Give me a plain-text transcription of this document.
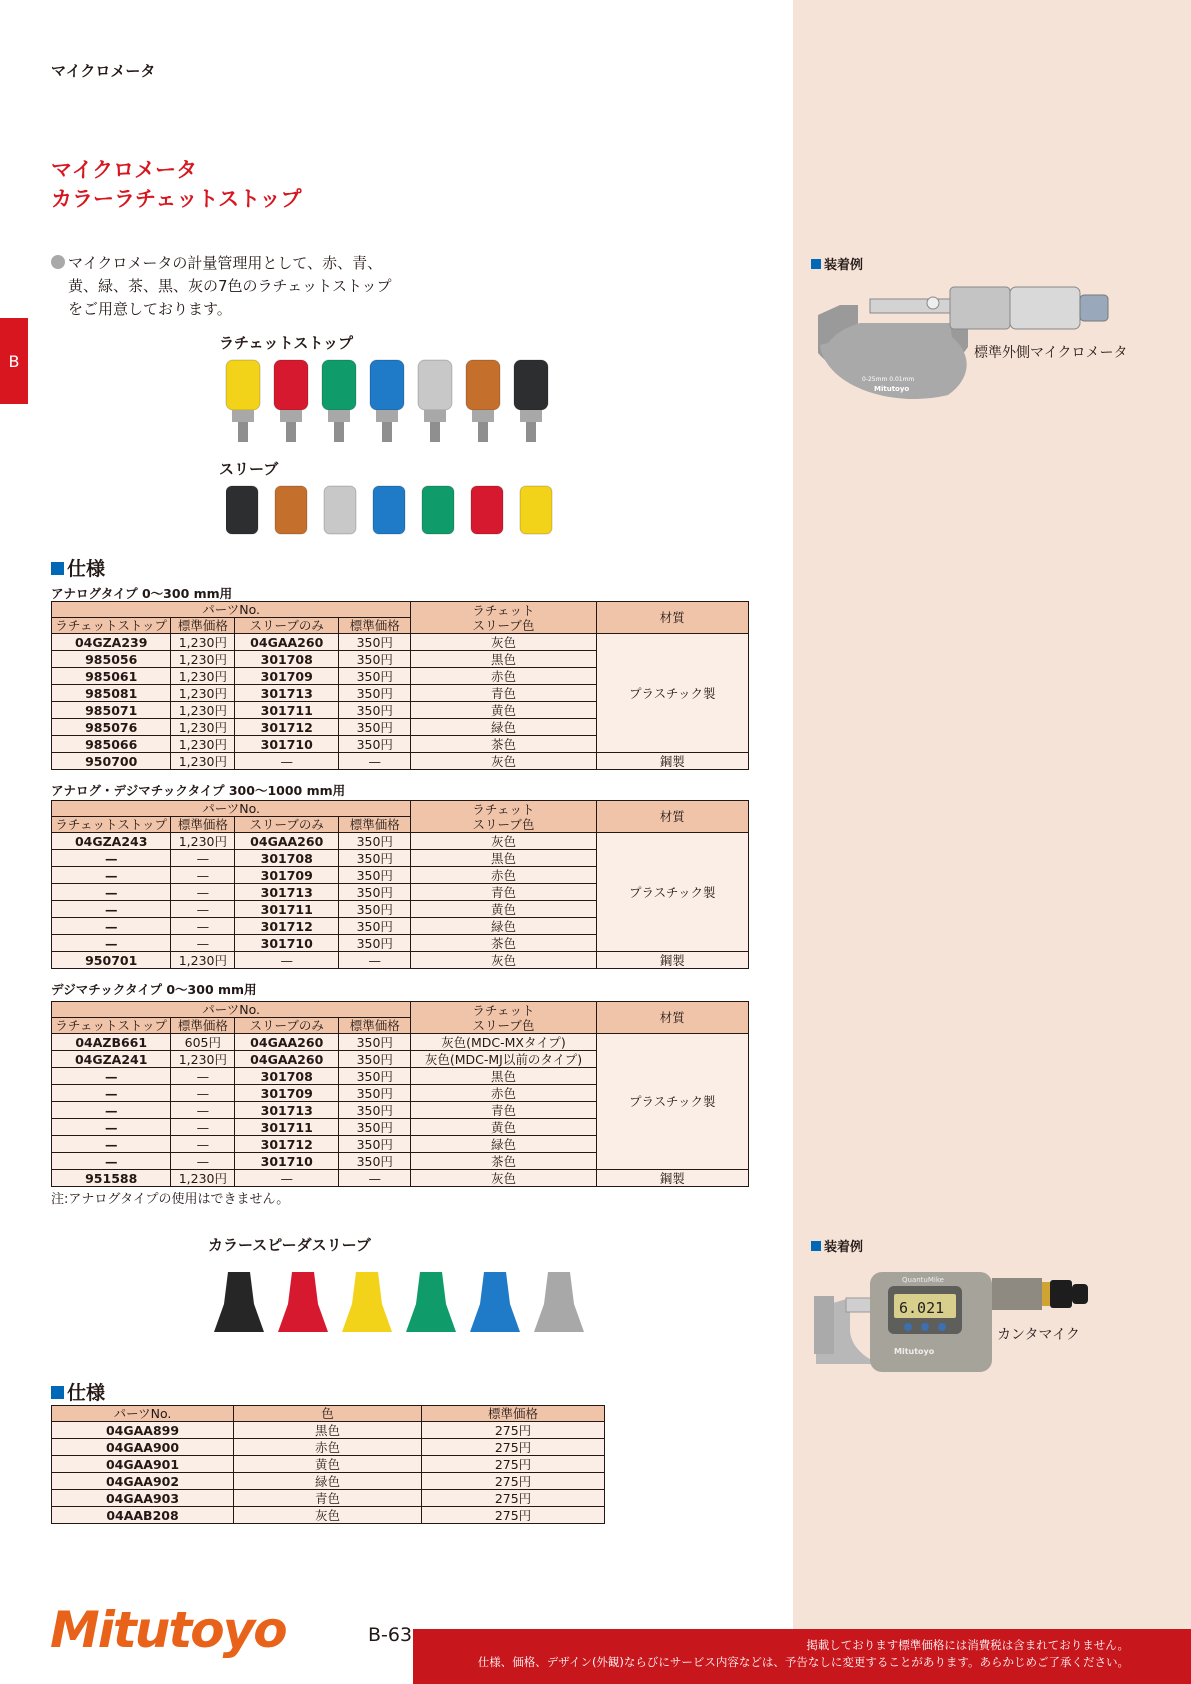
マイクロメータ
B
マイクロメータ
カラーラチェットストップ
マイクロメータの計量管理用として、赤、青、
黄、緑、茶、黒、灰の7色のラチェットストップ
をご用意しております。
ラチェットストップ
スリーブ
仕様
アナログタイプ 0〜300 mm用
パーツNo.				ラチェット
スリーブ色	材質
ラチェットストップ	標準価格	スリーブのみ	標準価格		
04GZA239	1,230円	04GAA260	350円	灰色	プラスチック製
985056	1,230円	301708	350円	黒色	
985061	1,230円	301709	350円	赤色	
985081	1,230円	301713	350円	青色	
985071	1,230円	301711	350円	黄色	
985076	1,230円	301712	350円	緑色	
985066	1,230円	301710	350円	茶色	
950700	1,230円	—	—	灰色	鋼製
アナログ・デジマチックタイプ 300〜1000 mm用
パーツNo.				ラチェット
スリーブ色	材質
ラチェットストップ	標準価格	スリーブのみ	標準価格		
04GZA243	1,230円	04GAA260	350円	灰色	プラスチック製
—	—	301708	350円	黒色	
—	—	301709	350円	赤色	
—	—	301713	350円	青色	
—	—	301711	350円	黄色	
—	—	301712	350円	緑色	
—	—	301710	350円	茶色	
950701	1,230円	—	—	灰色	鋼製
デジマチックタイプ 0〜300 mm用
パーツNo.				ラチェット
スリーブ色	材質
ラチェットストップ	標準価格	スリーブのみ	標準価格		
04AZB661	605円	04GAA260	350円	灰色(MDC-MXタイプ)	プラスチック製
04GZA241	1,230円	04GAA260	350円	灰色(MDC-MJ以前のタイプ)	
—	—	301708	350円	黒色	
—	—	301709	350円	赤色	
—	—	301713	350円	青色	
—	—	301711	350円	黄色	
—	—	301712	350円	緑色	
—	—	301710	350円	茶色	
951588	1,230円	—	—	灰色	鋼製
注:アナログタイプの使用はできません。
カラースピーダスリーブ
仕様
パーツNo.	色	標準価格
04GAA899	黒色	275円
04GAA900	赤色	275円
04GAA901	黄色	275円
04GAA902	緑色	275円
04GAA903	青色	275円
04AAB208	灰色	275円
装着例
0-25mm 0.01mm
Mitutoyo
標準外側マイクロメータ
装着例
6.021
QuantuMike
Mitutoyo
カンタマイク
Mitutoyo	B-63	掲載しております標準価格には消費税は含まれておりません。
仕様、価格、デザイン(外観)ならびにサービス内容などは、予告なしに変更することがあります。あらかじめご了承ください。
